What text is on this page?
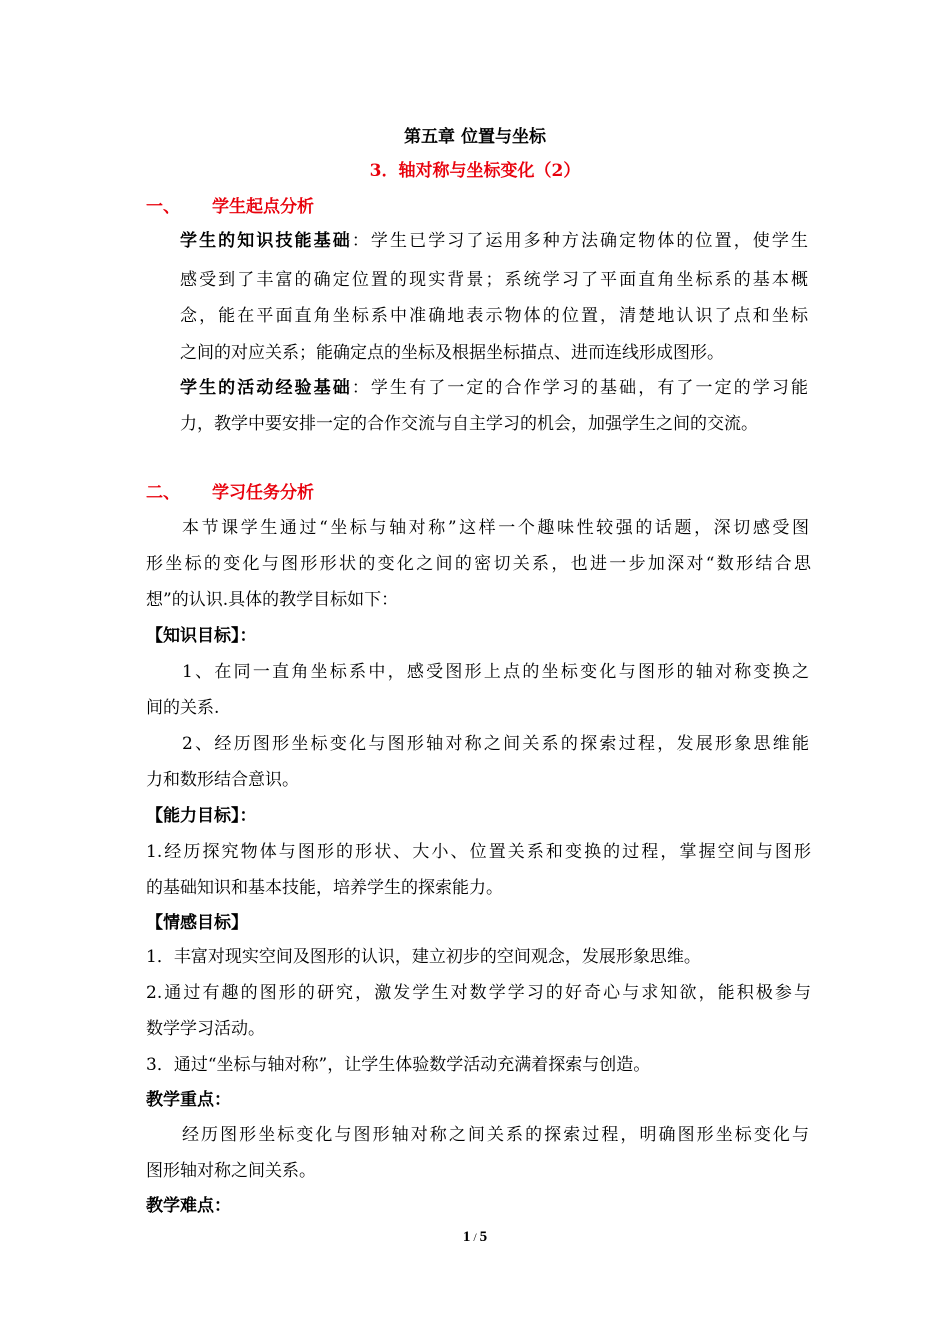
第五章 位置与坐标
3．轴对称与坐标变化（2）
一、 学生起点分析
学生的知识技能基础：学生已学习了运用多种方法确定物体的位置，使学生
感受到了丰富的确定位置的现实背景；系统学习了平面直角坐标系的基本概
念，能在平面直角坐标系中准确地表示物体的位置，清楚地认识了点和坐标
之间的对应关系；能确定点的坐标及根据坐标描点、进而连线形成图形。
学生的活动经验基础：学生有了一定的合作学习的基础，有了一定的学习能
力，教学中要安排一定的合作交流与自主学习的机会，加强学生之间的交流。
二、 学习任务分析
本节课学生通过“坐标与轴对称”这样一个趣味性较强的话题，深切感受图
形坐标的变化与图形形状的变化之间的密切关系，也进一步加深对“数形结合思
想”的认识.具体的教学目标如下：
【知识目标】：
1、在同一直角坐标系中，感受图形上点的坐标变化与图形的轴对称变换之
间的关系.
2、经历图形坐标变化与图形轴对称之间关系的探索过程，发展形象思维能
力和数形结合意识。
【能力目标】：
1.经历探究物体与图形的形状、大小、位置关系和变换的过程，掌握空间与图形
的基础知识和基本技能，培养学生的探索能力。
【情感目标】
1．丰富对现实空间及图形的认识，建立初步的空间观念，发展形象思维。
2.通过有趣的图形的研究，激发学生对数学学习的好奇心与求知欲，能积极参与
数学学习活动。
3．通过“坐标与轴对称”，让学生体验数学活动充满着探索与创造。
教学重点：
经历图形坐标变化与图形轴对称之间关系的探索过程，明确图形坐标变化与
图形轴对称之间关系。
教学难点：
1 / 5
